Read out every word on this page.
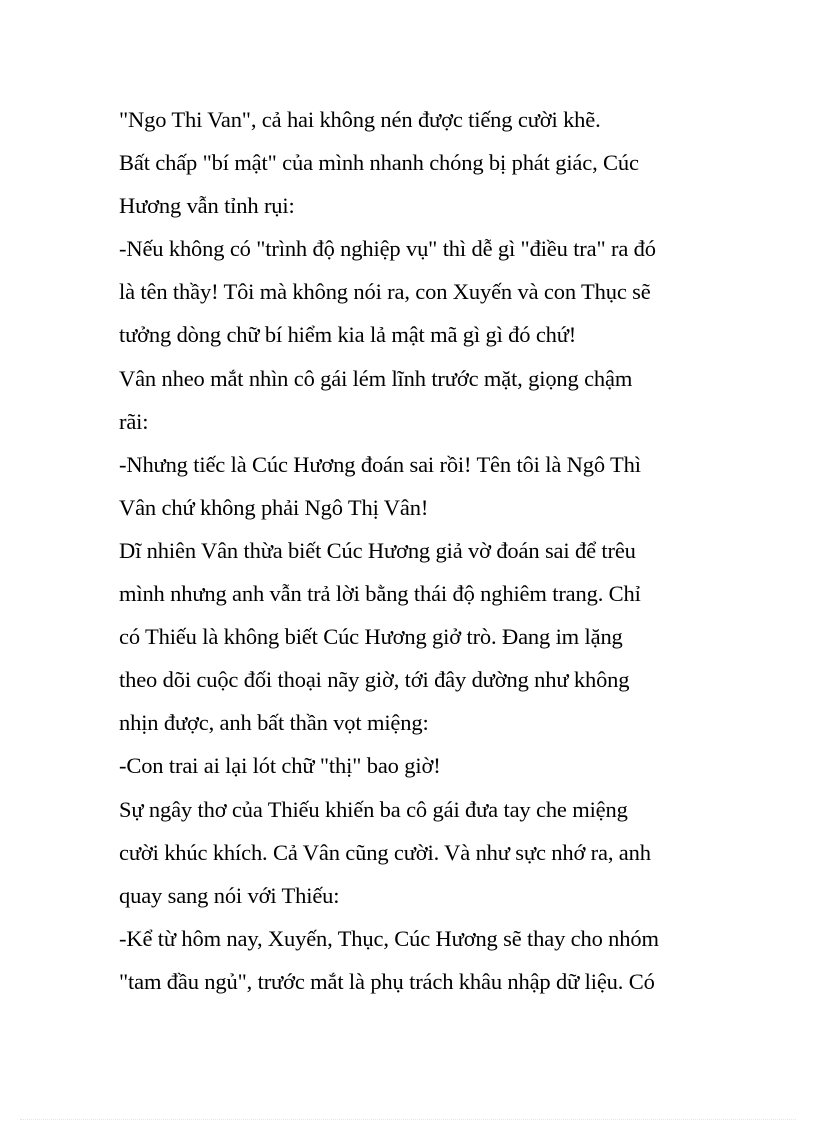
"Ngo Thi Van", cả hai không nén được tiếng cười khẽ.
Bất chấp "bí mật" của mình nhanh chóng bị phát giác, Cúc
Hương vẫn tỉnh rụi:
-Nếu không có "trình độ nghiệp vụ" thì dễ gì "điều tra" ra đó
là tên thầy! Tôi mà không nói ra, con Xuyến và con Thục sẽ
tưởng dòng chữ bí hiểm kia lả mật mã gì gì đó chứ!
Vân nheo mắt nhìn cô gái lém lĩnh trước mặt, giọng chậm
rãi:
-Nhưng tiếc là Cúc Hương đoán sai rồi! Tên tôi là Ngô Thì
Vân chứ không phải Ngô Thị Vân!
Dĩ nhiên Vân thừa biết Cúc Hương giả vờ đoán sai để trêu
mình nhưng anh vẫn trả lời bằng thái độ nghiêm trang. Chỉ
có Thiếu là không biết Cúc Hương giở trò. Đang im lặng
theo dõi cuộc đối thoại nãy giờ, tới đây dường như không
nhịn được, anh bất thần vọt miệng:
-Con trai ai lại lót chữ "thị" bao giờ!
Sự ngây thơ của Thiếu khiến ba cô gái đưa tay che miệng
cười khúc khích. Cả Vân cũng cười. Và như sực nhớ ra, anh
quay sang nói với Thiếu:
-Kể từ hôm nay, Xuyến, Thục, Cúc Hương sẽ thay cho nhóm
"tam đầu ngủ", trước mắt là phụ trách khâu nhập dữ liệu. Có
